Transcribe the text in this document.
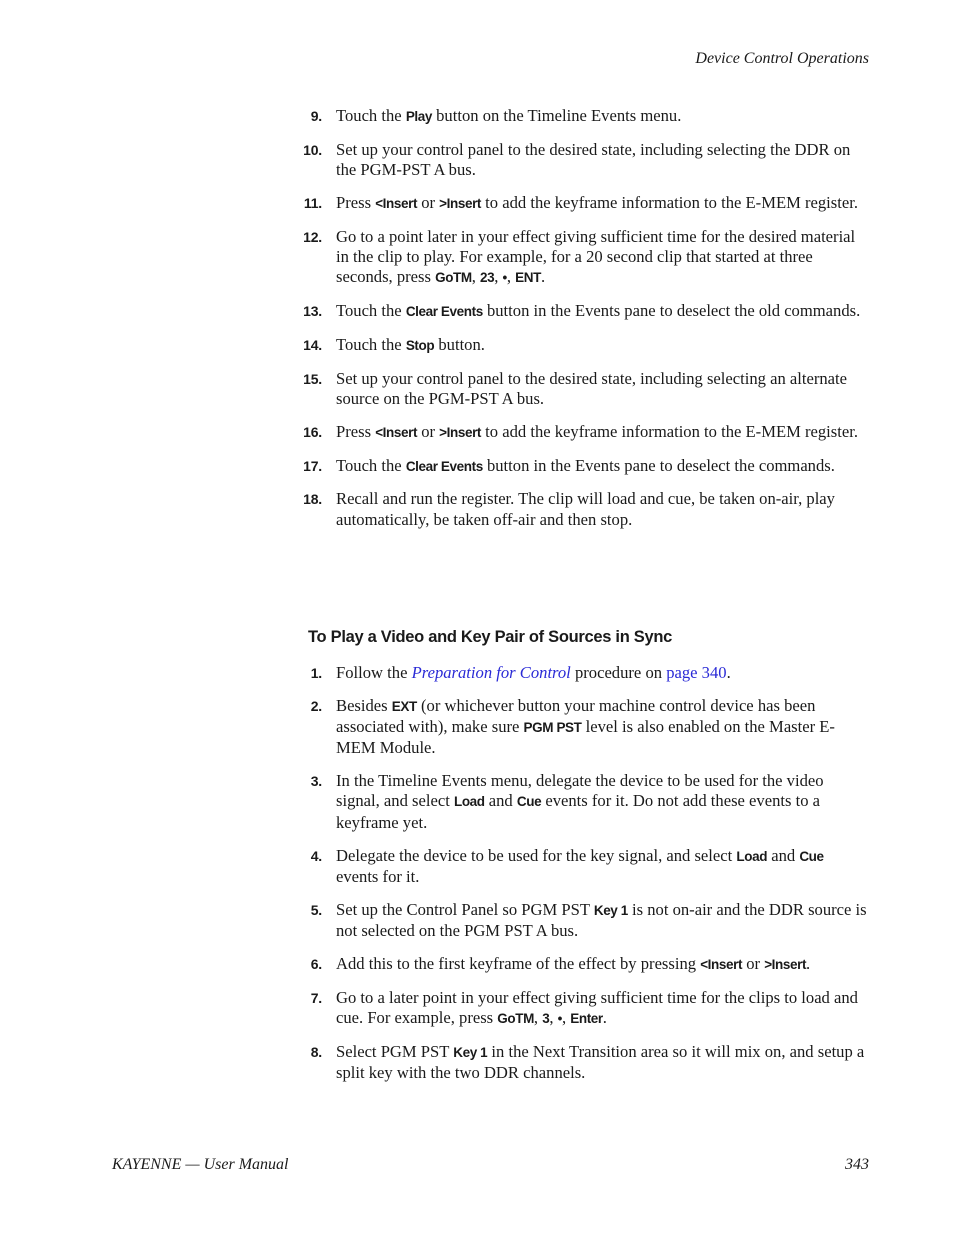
Device Control Operations
9. Touch the Play button on the Timeline Events menu.
10. Set up your control panel to the desired state, including selecting the DDR on the PGM-PST A bus.
11. Press <Insert or >Insert to add the keyframe information to the E-MEM register.
12. Go to a point later in your effect giving sufficient time for the desired material in the clip to play. For example, for a 20 second clip that started at three seconds, press GoTM, 23, •, ENT.
13. Touch the Clear Events button in the Events pane to deselect the old commands.
14. Touch the Stop button.
15. Set up your control panel to the desired state, including selecting an alternate source on the PGM-PST A bus.
16. Press <Insert or >Insert to add the keyframe information to the E-MEM register.
17. Touch the Clear Events button in the Events pane to deselect the commands.
18. Recall and run the register. The clip will load and cue, be taken on-air, play automatically, be taken off-air and then stop.
To Play a Video and Key Pair of Sources in Sync
1. Follow the Preparation for Control procedure on page 340.
2. Besides EXT (or whichever button your machine control device has been associated with), make sure PGM PST level is also enabled on the Master E-MEM Module.
3. In the Timeline Events menu, delegate the device to be used for the video signal, and select Load and Cue events for it. Do not add these events to a keyframe yet.
4. Delegate the device to be used for the key signal, and select Load and Cue events for it.
5. Set up the Control Panel so PGM PST Key 1 is not on-air and the DDR source is not selected on the PGM PST A bus.
6. Add this to the first keyframe of the effect by pressing <Insert or >Insert.
7. Go to a later point in your effect giving sufficient time for the clips to load and cue. For example, press GoTM, 3, •, Enter.
8. Select PGM PST Key 1 in the Next Transition area so it will mix on, and setup a split key with the two DDR channels.
KAYENNE — User Manual	343
